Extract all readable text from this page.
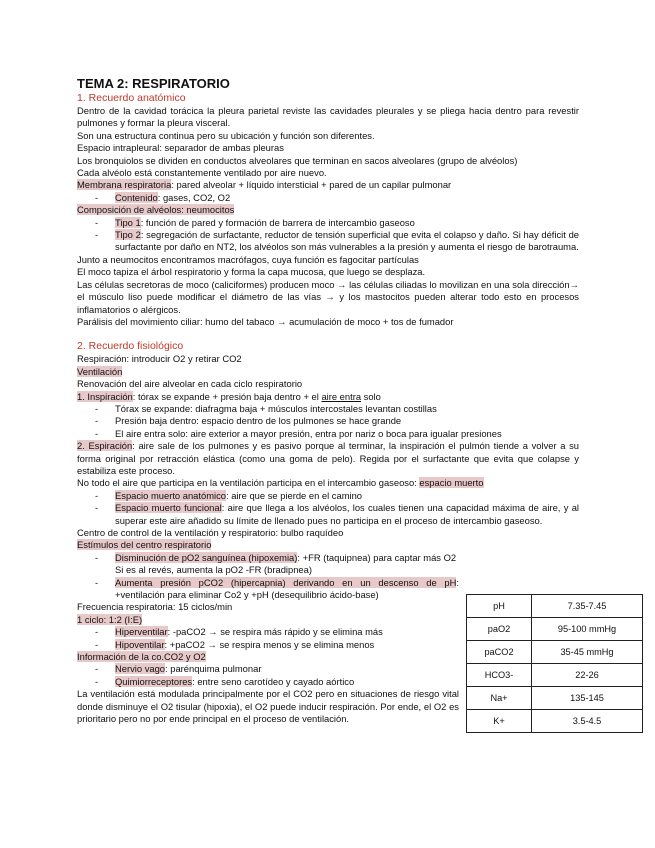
TEMA 2: RESPIRATORIO
1. Recuerdo anatómico

Dentro de la cavidad torácica la pleura parietal reviste las cavidades pleurales y se pliega hacia dentro para revestir pulmones y formar la pleura visceral.

Son una estructura continua pero su ubicación y función son diferentes.

Espacio intrapleural: separador de ambas pleuras

Los bronquiolos se dividen en conductos alveolares que terminan en sacos alveolares (grupo de alvéolos)

Cada alvéolo está constantemente ventilado por aire nuevo.

Membrana respiratoria: pared alveolar + líquido intersticial + pared de un capilar pulmonar

- Contenido: gases, CO2, O2

Composición de alvéolos: neumocitos

- Tipo 1: función de pared y formación de barrera de intercambio gaseoso
- Tipo 2: segregación de surfactante, reductor de tensión superficial que evita el colapso y daño. Si hay déficit de surfactante por daño en NT2, los alvéolos son más vulnerables a la presión y aumenta el riesgo de barotrauma.

Junto a neumocitos encontramos macrófagos, cuya función es fagocitar partículas

El moco tapiza el árbol respiratorio y forma la capa mucosa, que luego se desplaza.

Las células secretoras de moco (caliciformes) producen moco → las células ciliadas lo movilizan en una sola dirección→ el músculo liso puede modificar el diámetro de las vías → y los mastocitos pueden alterar todo esto en procesos inflamatorios o alérgicos.

Parálisis del movimiento ciliar: humo del tabaco → acumulación de moco + tos de fumador

2. Recuerdo fisiológico

Respiración: introducir O2 y retirar CO2

Ventilación

Renovación del aire alveolar en cada ciclo respiratorio

1. Inspiración: tórax se expande + presión baja dentro + el aire entra solo

- Tórax se expande: diafragma baja + músculos intercostales levantan costillas
- Presión baja dentro: espacio dentro de los pulmones se hace grande
- El aire entra solo: aire exterior a mayor presión, entra por nariz o boca para igualar presiones

2. Espiración: aire sale de los pulmones y es pasivo porque al terminar, la inspiración el pulmón tiende a volver a su forma original por retracción elástica (como una goma de pelo). Regida por el surfactante que evita que colapse y estabiliza este proceso.

No todo el aire que participa en la ventilación participa en el intercambio gaseoso: espacio muerto

- Espacio muerto anatómico: aire que se pierde en el camino
- Espacio muerto funcional: aire que llega a los alvéolos, los cuales tienen una capacidad máxima de aire, y al superar este aire añadido su límite de llenado pues no participa en el proceso de intercambio gaseoso.

Centro de control de la ventilación y respiratorio: bulbo raquídeo

Estímulos del centro respiratorio

- Disminución de pO2 sanguínea (hipoxemia): +FR (taquipnea) para captar más O2
Si es al revés, aumenta la pO2 -FR (bradipnea)
- Aumenta presión pCO2 (hipercapnia) derivando en un descenso de pH: +ventilación para eliminar Co2 y +pH (desequilibrio ácido-base)

Frecuencia respiratoria: 15 ciclos/min

1 ciclo: 1:2 (I:E)

- Hiperventilar: -paCO2 → se respira más rápido y se elimina más
- Hipoventilar: +paCO2 → se respira menos y se elimina menos

Información de la co.CO2 y O2

- Nervio vago: parénquima pulmonar
- Quimiorreceptores: entre seno carotídeo y cayado aórtico

La ventilación está modulada principalmente por el CO2 pero en situaciones de riesgo vital donde disminuye el O2 tisular (hipoxia), el O2 puede inducir respiración. Por ende, el O2 es prioritario pero no por ende principal en el proceso de ventilación.

pH	7.35-7.45
paO2	95-100 mmHg
paCO2	35-45 mmHg
HCO3-	22-26
Na+	135-145
K+	3.5-4.5
